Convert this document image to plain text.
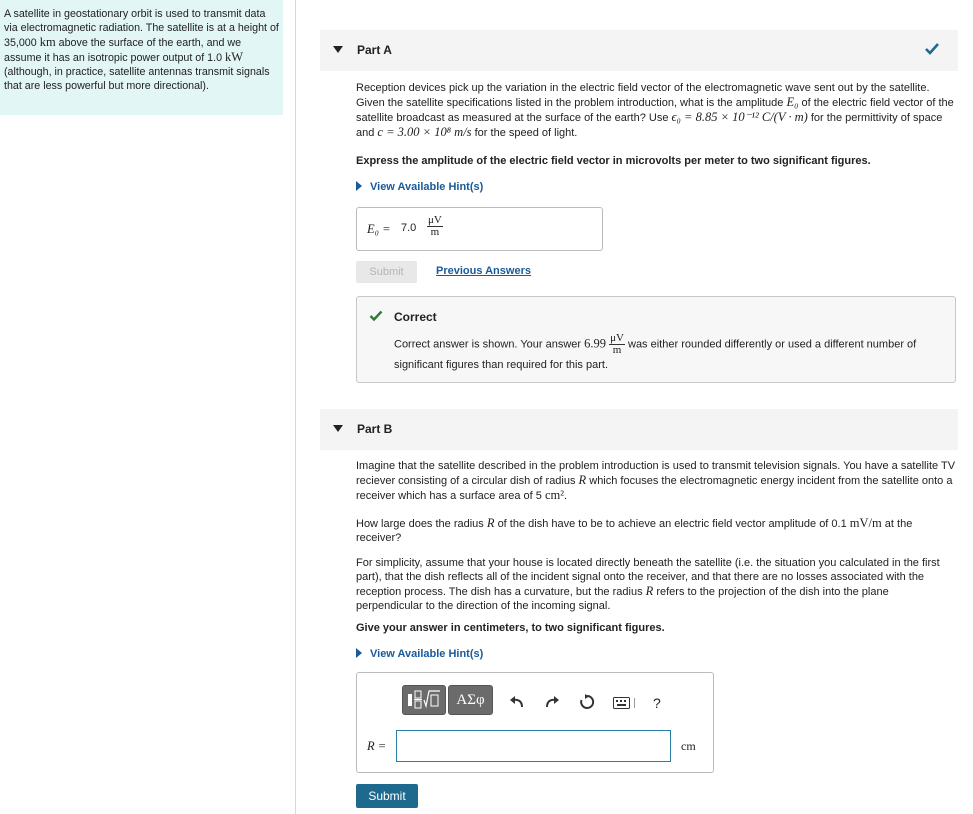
A satellite in geostationary orbit is used to transmit data via electromagnetic radiation. The satellite is at a height of 35,000 km above the surface of the earth, and we assume it has an isotropic power output of 1.0 kW (although, in practice, satellite antennas transmit signals that are less powerful but more directional).
Part A

Reception devices pick up the variation in the electric field vector of the electromagnetic wave sent out by the satellite. Given the satellite specifications listed in the problem introduction, what is the amplitude E₀ of the electric field vector of the satellite broadcast as measured at the surface of the earth? Use ϵ₀ = 8.85 × 10⁻¹² C/(V · m) for the permittivity of space and c = 3.00 × 10⁸ m/s for the speed of light.

Express the amplitude of the electric field vector in microvolts per meter to two significant figures.

View Available Hint(s)
$E_0 = 7.0 \frac{\mu V}{m}$
Submit	Previous Answers
Correct
Correct answer is shown. Your answer $6.99 \frac{\mu V}{m}$ was either rounded differently or used a different number of significant figures than required for this part.
Part B

Imagine that the satellite described in the problem introduction is used to transmit television signals. You have a satellite TV reciever consisting of a circular dish of radius R which focuses the electromagnetic energy incident from the satellite onto a receiver which has a surface area of 5 cm².

How large does the radius R of the dish have to be to achieve an electric field vector amplitude of 0.1 mV/m at the receiver?

For simplicity, assume that your house is located directly beneath the satellite (i.e. the situation you calculated in the first part), that the dish reflects all of the incident signal onto the receiver, and that there are no losses associated with the reception process. The dish has a curvature, but the radius R refers to the projection of the dish into the plane perpendicular to the direction of the incoming signal.

Give your answer in centimeters, to two significant figures.

View Available Hint(s)
ΑΣφ	?
R =	cm
Submit
